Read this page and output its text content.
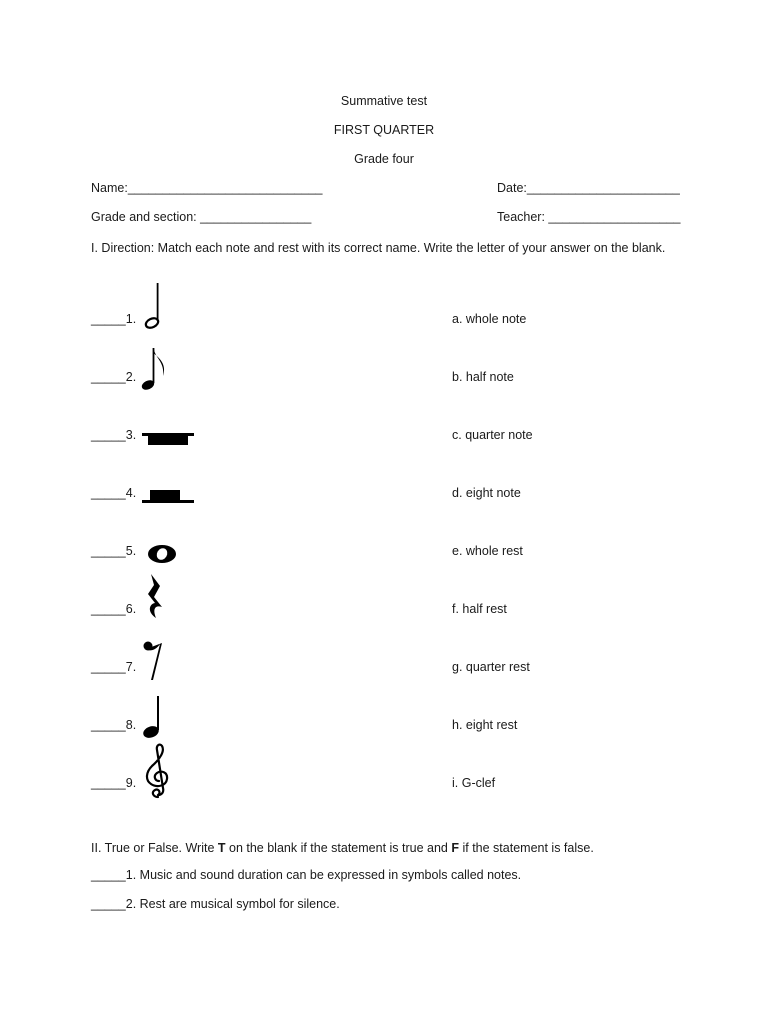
Summative test
FIRST QUARTER
Grade four
Name:____________________________	Date:______________________
Grade and section: ________________	Teacher: ___________________
I. Direction: Match each note and rest with its correct name. Write the letter of your answer on the blank.
_____1.	a. whole note
_____2.	b. half note
_____3.	c. quarter note
_____4.	d. eight note
_____5.	e. whole rest
_____6.	f. half rest
_____7.	g. quarter rest
_____8.	h. eight rest
_____9.	i. G-clef
II. True or False. Write T on the blank if the statement is true and F if the statement is false.
_____1. Music and sound duration can be expressed in symbols called notes.
_____2. Rest are musical symbol for silence.
